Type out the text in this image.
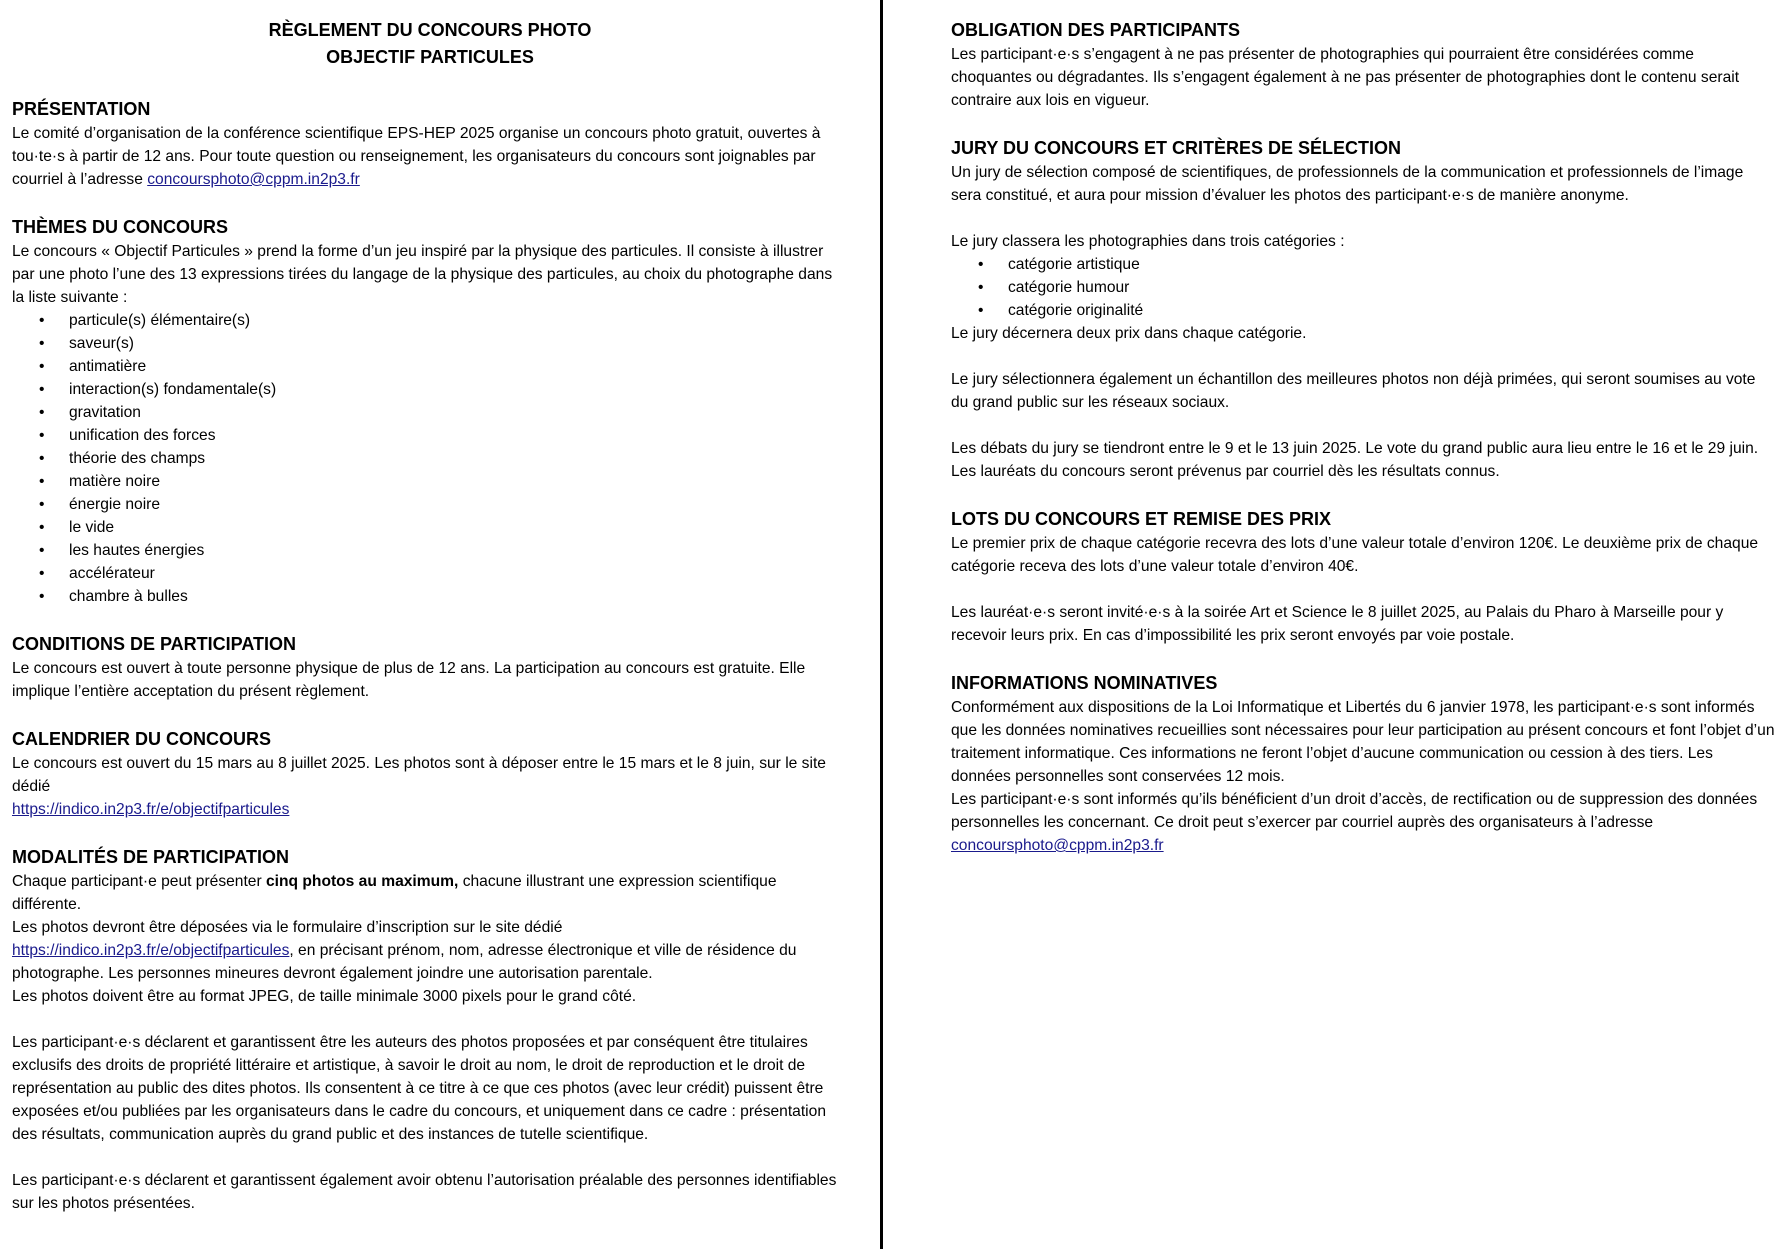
RÈGLEMENT DU CONCOURS PHOTO
OBJECTIF PARTICULES
PRÉSENTATION

Le comité d’organisation de la conférence scientifique EPS-HEP 2025 organise un concours photo gratuit, ouvertes à tou·te·s à partir de 12 ans. Pour toute question ou renseignement, les organisateurs du concours sont joignables par courriel à l’adresse concoursphoto@cppm.in2p3.fr

THÈMES DU CONCOURS

Le concours « Objectif Particules » prend la forme d’un jeu inspiré par la physique des particules. Il consiste à illustrer par une photo l’une des 13 expressions tirées du langage de la physique des particules, au choix du photographe dans la liste suivante :

• particule(s) élémentaire(s)
• saveur(s)
• antimatière
• interaction(s) fondamentale(s)
• gravitation
• unification des forces
• théorie des champs
• matière noire
• énergie noire
• le vide
• les hautes énergies
• accélérateur
• chambre à bulles
CONDITIONS DE PARTICIPATION

Le concours est ouvert à toute personne physique de plus de 12 ans. La participation au concours est gratuite. Elle implique l’entière acceptation du présent règlement.

CALENDRIER DU CONCOURS

Le concours est ouvert du 15 mars au 8 juillet 2025. Les photos sont à déposer entre le 15 mars et le 8 juin, sur le site dédié

https://indico.in2p3.fr/e/objectifparticules

MODALITÉS DE PARTICIPATION

Chaque participant·e peut présenter cinq photos au maximum, chacune illustrant une expression scientifique différente.

Les photos devront être déposées via le formulaire d’inscription sur le site dédié https://indico.in2p3.fr/e/objectifparticules, en précisant prénom, nom, adresse électronique et ville de résidence du photographe. Les personnes mineures devront également joindre une autorisation parentale.

Les photos doivent être au format JPEG, de taille minimale 3000 pixels pour le grand côté.

Les participant·e·s déclarent et garantissent être les auteurs des photos proposées et par conséquent être titulaires exclusifs des droits de propriété littéraire et artistique, à savoir le droit au nom, le droit de reproduction et le droit de représentation au public des dites photos. Ils consentent à ce titre à ce que ces photos (avec leur crédit) puissent être exposées et/ou publiées par les organisateurs dans le cadre du concours, et uniquement dans ce cadre : présentation des résultats, communication auprès du grand public et des instances de tutelle scientifique.

Les participant·e·s déclarent et garantissent également avoir obtenu l’autorisation préalable des personnes identifiables sur les photos présentées.

OBLIGATION DES PARTICIPANTS

Les participant·e·s s’engagent à ne pas présenter de photographies qui pourraient être considérées comme choquantes ou dégradantes. Ils s’engagent également à ne pas présenter de photographies dont le contenu serait contraire aux lois en vigueur.

JURY DU CONCOURS ET CRITÈRES DE SÉLECTION

Un jury de sélection composé de scientifiques, de professionnels de la communication et professionnels de l’image sera constitué, et aura pour mission d’évaluer les photos des participant·e·s de manière anonyme.

Le jury classera les photographies dans trois catégories :

• catégorie artistique
• catégorie humour
• catégorie originalité

Le jury décernera deux prix dans chaque catégorie.

Le jury sélectionnera également un échantillon des meilleures photos non déjà primées, qui seront soumises au vote du grand public sur les réseaux sociaux.

Les débats du jury se tiendront entre le 9 et le 13 juin 2025. Le vote du grand public aura lieu entre le 16 et le 29 juin. Les lauréats du concours seront prévenus par courriel dès les résultats connus.

LOTS DU CONCOURS ET REMISE DES PRIX

Le premier prix de chaque catégorie recevra des lots d’une valeur totale d’environ 120€. Le deuxième prix de chaque catégorie receva des lots d’une valeur totale d’environ 40€.

Les lauréat·e·s seront invité·e·s à la soirée Art et Science le 8 juillet 2025, au Palais du Pharo à Marseille pour y recevoir leurs prix. En cas d’impossibilité les prix seront envoyés par voie postale.

INFORMATIONS NOMINATIVES

Conformément aux dispositions de la Loi Informatique et Libertés du 6 janvier 1978, les participant·e·s sont informés que les données nominatives recueillies sont nécessaires pour leur participation au présent concours et font l’objet d’un traitement informatique. Ces informations ne feront l’objet d’aucune communication ou cession à des tiers. Les données personnelles sont conservées 12 mois.

Les participant·e·s sont informés qu’ils bénéficient d’un droit d’accès, de rectification ou de suppression des données personnelles les concernant. Ce droit peut s’exercer par courriel auprès des organisateurs à l’adresse concoursphoto@cppm.in2p3.fr
